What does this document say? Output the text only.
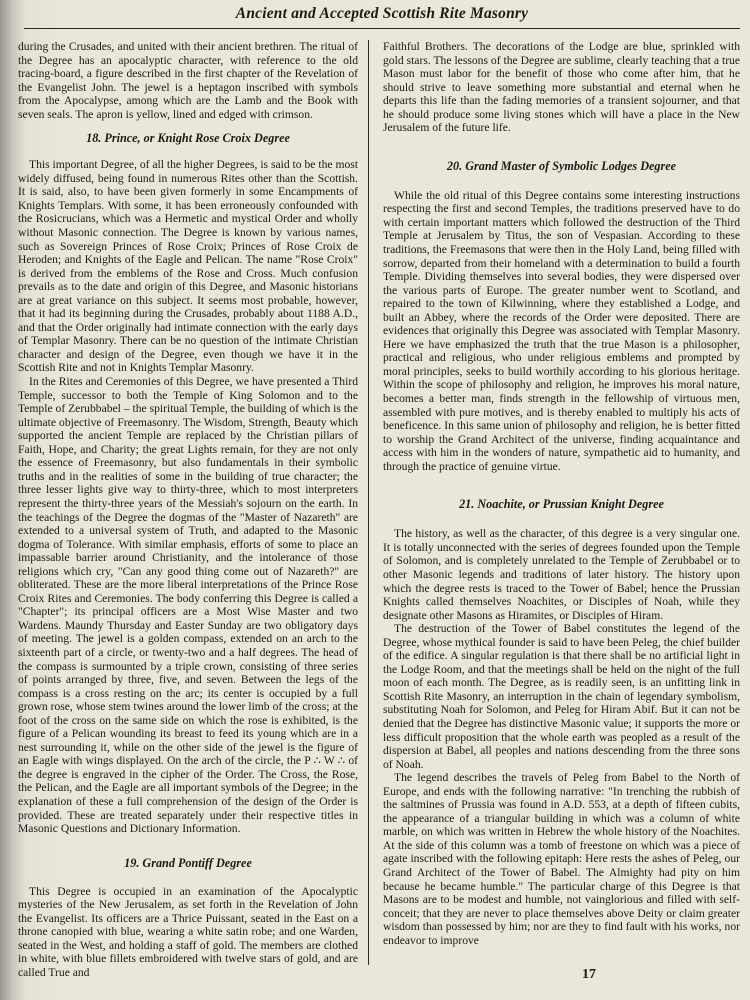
Ancient and Accepted Scottish Rite Masonry

during the Crusades, and united with their ancient brethren. The ritual of the Degree has an apocalyptic character, with reference to the old tracing-board, a figure described in the first chapter of the Revelation of the Evangelist John. The jewel is a heptagon inscribed with symbols from the Apocalypse, among which are the Lamb and the Book with seven seals. The apron is yellow, lined and edged with crimson.

18. Prince, or Knight Rose Croix Degree

This important Degree, of all the higher Degrees, is said to be the most widely diffused, being found in numerous Rites other than the Scottish. It is said, also, to have been given formerly in some Encampments of Knights Templars. With some, it has been erroneously confounded with the Rosicrucians, which was a Hermetic and mystical Order and wholly without Masonic connection. The Degree is known by various names, such as Sovereign Princes of Rose Croix; Princes of Rose Croix de Heroden; and Knights of the Eagle and Pelican. The name "Rose Croix" is derived from the emblems of the Rose and Cross. Much confusion prevails as to the date and origin of this Degree, and Masonic historians are at great variance on this subject. It seems most probable, however, that it had its beginning during the Crusades, probably about 1188 A.D., and that the Order originally had intimate connection with the early days of Templar Masonry. There can be no question of the intimate Christian character and design of the Degree, even though we have it in the Scottish Rite and not in Knights Templar Masonry.

In the Rites and Ceremonies of this Degree, we have presented a Third Temple, successor to both the Temple of King Solomon and to the Temple of Zerubbabel – the spiritual Temple, the building of which is the ultimate objective of Freemasonry. The Wisdom, Strength, Beauty which supported the ancient Temple are replaced by the Christian pillars of Faith, Hope, and Charity; the great Lights remain, for they are not only the essence of Freemasonry, but also fundamentals in their symbolic truths and in the realities of some in the building of true character; the three lesser lights give way to thirty-three, which to most interpreters represent the thirty-three years of the Messiah's sojourn on the earth. In the teachings of the Degree the dogmas of the "Master of Nazareth" are extended to a universal system of Truth, and adapted to the Masonic dogma of Tolerance. With similar emphasis, efforts of some to place an impassable barrier around Christianity, and the intolerance of those religions which cry, "Can any good thing come out of Nazareth?" are obliterated. These are the more liberal interpretations of the Prince Rose Croix Rites and Ceremonies. The body conferring this Degree is called a "Chapter"; its principal officers are a Most Wise Master and two Wardens. Maundy Thursday and Easter Sunday are two obligatory days of meeting. The jewel is a golden compass, extended on an arch to the sixteenth part of a circle, or twenty-two and a half degrees. The head of the compass is surmounted by a triple crown, consisting of three series of points arranged by three, five, and seven. Between the legs of the compass is a cross resting on the arc; its center is occupied by a full grown rose, whose stem twines around the lower limb of the cross; at the foot of the cross on the same side on which the rose is exhibited, is the figure of a Pelican wounding its breast to feed its young which are in a nest surrounding it, while on the other side of the jewel is the figure of an Eagle with wings displayed. On the arch of the circle, the P ∴ W ∴ of the degree is engraved in the cipher of the Order. The Cross, the Rose, the Pelican, and the Eagle are all important symbols of the Degree; in the explanation of these a full comprehension of the design of the Order is provided. These are treated separately under their respective titles in Masonic Questions and Dictionary Information.

19. Grand Pontiff Degree

This Degree is occupied in an examination of the Apocalyptic mysteries of the New Jerusalem, as set forth in the Revelation of John the Evangelist. Its officers are a Thrice Puissant, seated in the East on a throne canopied with blue, wearing a white satin robe; and one Warden, seated in the West, and holding a staff of gold. The members are clothed in white, with blue fillets embroidered with twelve stars of gold, and are called True and

Faithful Brothers. The decorations of the Lodge are blue, sprinkled with gold stars. The lessons of the Degree are sublime, clearly teaching that a true Mason must labor for the benefit of those who come after him, that he should strive to leave something more substantial and eternal when he departs this life than the fading memories of a transient sojourner, and that he should produce some living stones which will have a place in the New Jerusalem of the future life.

20. Grand Master of Symbolic Lodges Degree

While the old ritual of this Degree contains some interesting instructions respecting the first and second Temples, the traditions preserved have to do with certain important matters which followed the destruction of the Third Temple at Jerusalem by Titus, the son of Vespasian. According to these traditions, the Freemasons that were then in the Holy Land, being filled with sorrow, departed from their homeland with a determination to build a fourth Temple. Dividing themselves into several bodies, they were dispersed over the various parts of Europe. The greater number went to Scotland, and repaired to the town of Kilwinning, where they established a Lodge, and built an Abbey, where the records of the Order were deposited. There are evidences that originally this Degree was associated with Templar Masonry. Here we have emphasized the truth that the true Mason is a philosopher, practical and religious, who under religious emblems and prompted by moral principles, seeks to build worthily according to his glorious heritage. Within the scope of philosophy and religion, he improves his moral nature, becomes a better man, finds strength in the fellowship of virtuous men, assembled with pure motives, and is thereby enabled to multiply his acts of beneficence. In this same union of philosophy and religion, he is better fitted to worship the Grand Architect of the universe, finding acquaintance and access with him in the wonders of nature, sympathetic aid to humanity, and through the practice of genuine virtue.

21. Noachite, or Prussian Knight Degree

The history, as well as the character, of this degree is a very singular one. It is totally unconnected with the series of degrees founded upon the Temple of Solomon, and is completely unrelated to the Temple of Zerubbabel or to other Masonic legends and traditions of later history. The history upon which the degree rests is traced to the Tower of Babel; hence the Prussian Knights called themselves Noachites, or Disciples of Noah, while they designate other Masons as Hiramites, or Disciples of Hiram.

The destruction of the Tower of Babel constitutes the legend of the Degree, whose mythical founder is said to have been Peleg, the chief builder of the edifice. A singular regulation is that there shall be no artificial light in the Lodge Room, and that the meetings shall be held on the night of the full moon of each month. The Degree, as is readily seen, is an unfitting link in Scottish Rite Masonry, an interruption in the chain of legendary symbolism, substituting Noah for Solomon, and Peleg for Hiram Abif. But it can not be denied that the Degree has distinctive Masonic value; it supports the more or less difficult proposition that the whole earth was peopled as a result of the dispersion at Babel, all peoples and nations descending from the three sons of Noah.

The legend describes the travels of Peleg from Babel to the North of Europe, and ends with the following narrative: "In trenching the rubbish of the saltmines of Prussia was found in A.D. 553, at a depth of fifteen cubits, the appearance of a triangular building in which was a column of white marble, on which was written in Hebrew the whole history of the Noachites. At the side of this column was a tomb of freestone on which was a piece of agate inscribed with the following epitaph: Here rests the ashes of Peleg, our Grand Architect of the Tower of Babel. The Almighty had pity on him because he became humble." The particular charge of this Degree is that Masons are to be modest and humble, not vainglorious and filled with self-conceit; that they are never to place themselves above Deity or claim greater wisdom than possessed by him; nor are they to find fault with his works, nor endeavor to improve

17
